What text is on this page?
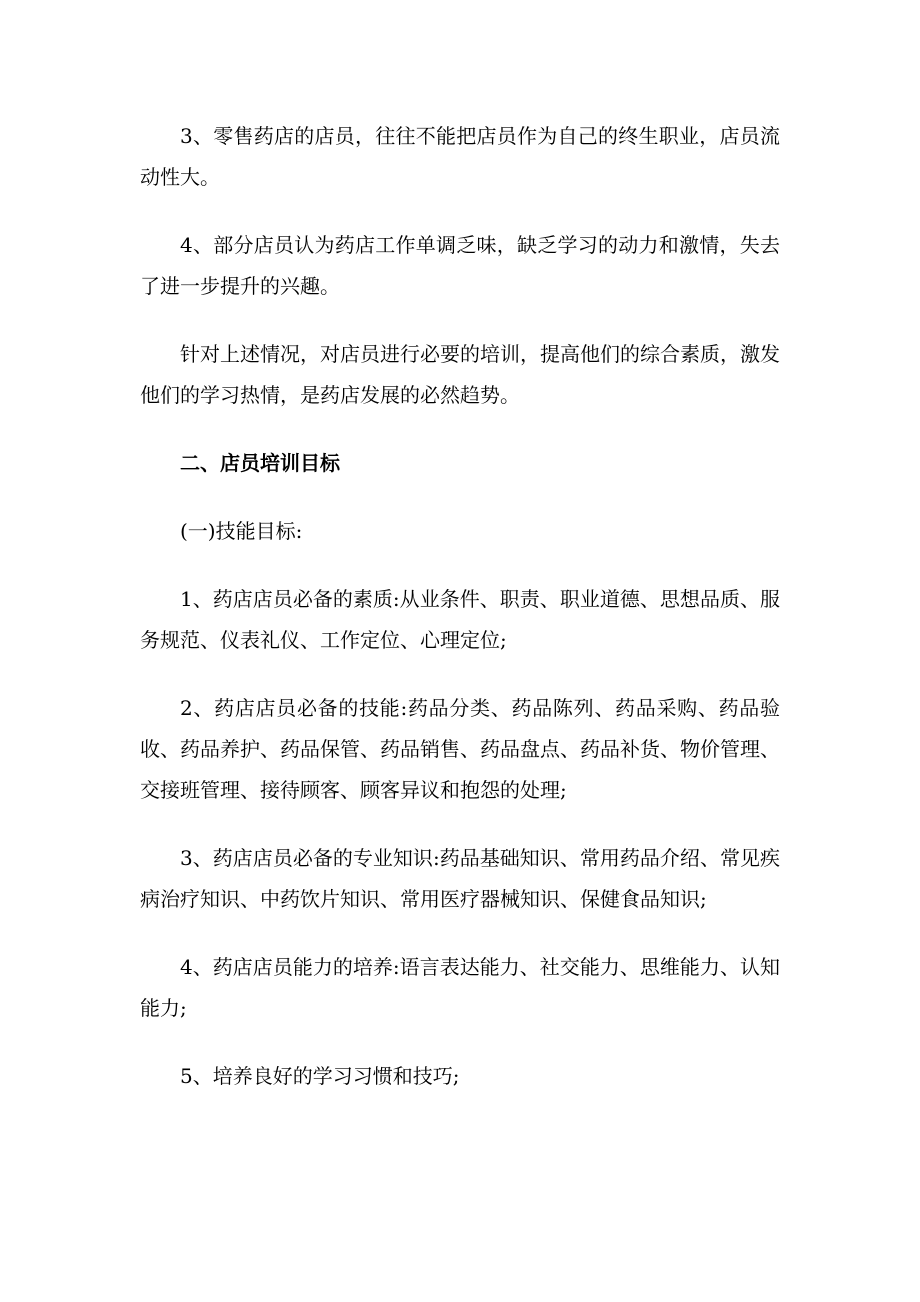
3、零售药店的店员，往往不能把店员作为自己的终生职业，店员流动性大。

4、部分店员认为药店工作单调乏味，缺乏学习的动力和激情，失去了进一步提升的兴趣。

针对上述情况，对店员进行必要的培训，提高他们的综合素质，激发他们的学习热情，是药店发展的必然趋势。

二、店员培训目标

(一)技能目标:

1、药店店员必备的素质:从业条件、职责、职业道德、思想品质、服务规范、仪表礼仪、工作定位、心理定位;

2、药店店员必备的技能:药品分类、药品陈列、药品采购、药品验收、药品养护、药品保管、药品销售、药品盘点、药品补货、物价管理、交接班管理、接待顾客、顾客异议和抱怨的处理;

3、药店店员必备的专业知识:药品基础知识、常用药品介绍、常见疾病治疗知识、中药饮片知识、常用医疗器械知识、保健食品知识;

4、药店店员能力的培养:语言表达能力、社交能力、思维能力、认知能力;

5、培养良好的学习习惯和技巧;
